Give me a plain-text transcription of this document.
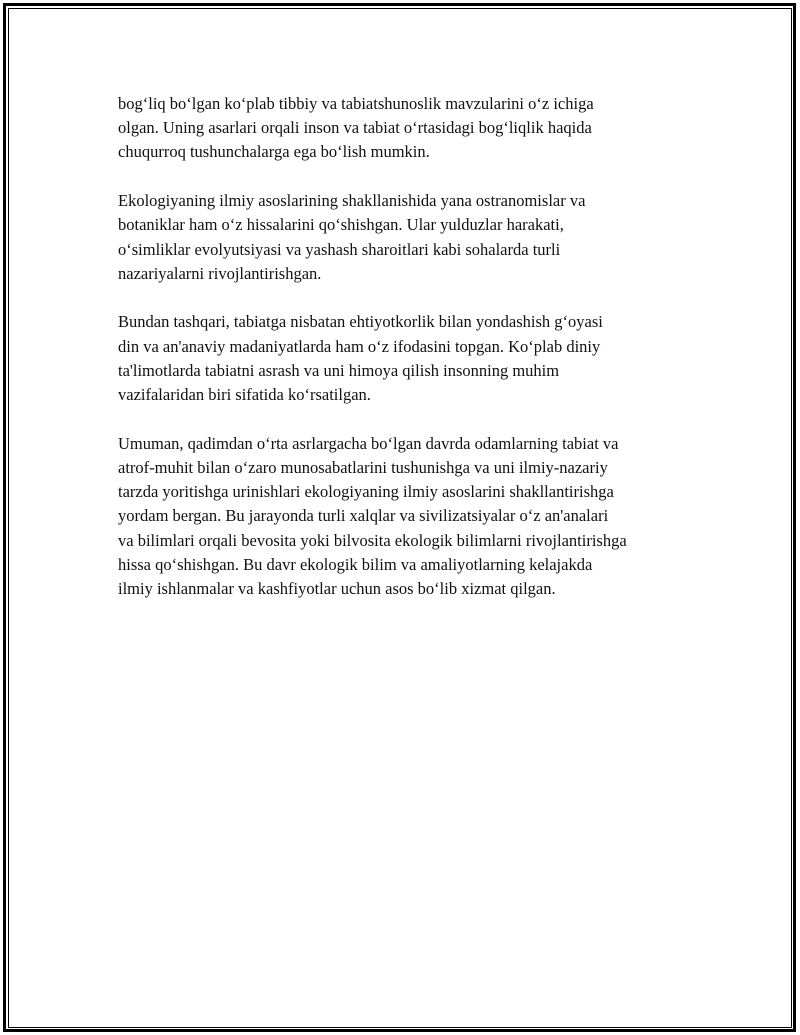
bog‘liq bo‘lgan ko‘plab tibbiy va tabiatshunoslik mavzularini o‘z ichiga
olgan. Uning asarlari orqali inson va tabiat o‘rtasidagi bog‘liqlik haqida
chuqurroq tushunchalarga ega bo‘lish mumkin.

Ekologiyaning ilmiy asoslarining shakllanishida yana ostranomislar va
botaniklar ham o‘z hissalarini qo‘shishgan. Ular yulduzlar harakati,
o‘simliklar evolyutsiyasi va yashash sharoitlari kabi sohalarda turli
nazariyalarni rivojlantirishgan.

Bundan tashqari, tabiatga nisbatan ehtiyotkorlik bilan yondashish g‘oyasi
din va an'anaviy madaniyatlarda ham o‘z ifodasini topgan. Ko‘plab diniy
ta'limotlarda tabiatni asrash va uni himoya qilish insonning muhim
vazifalaridan biri sifatida ko‘rsatilgan.

Umuman, qadimdan o‘rta asrlargacha bo‘lgan davrda odamlarning tabiat va
atrof-muhit bilan o‘zaro munosabatlarini tushunishga va uni ilmiy-nazariy
tarzda yoritishga urinishlari ekologiyaning ilmiy asoslarini shakllantirishga
yordam bergan. Bu jarayonda turli xalqlar va sivilizatsiyalar o‘z an'analari
va bilimlari orqali bevosita yoki bilvosita ekologik bilimlarni rivojlantirishga
hissa qo‘shishgan. Bu davr ekologik bilim va amaliyotlarning kelajakda
ilmiy ishlanmalar va kashfiyotlar uchun asos bo‘lib xizmat qilgan.
